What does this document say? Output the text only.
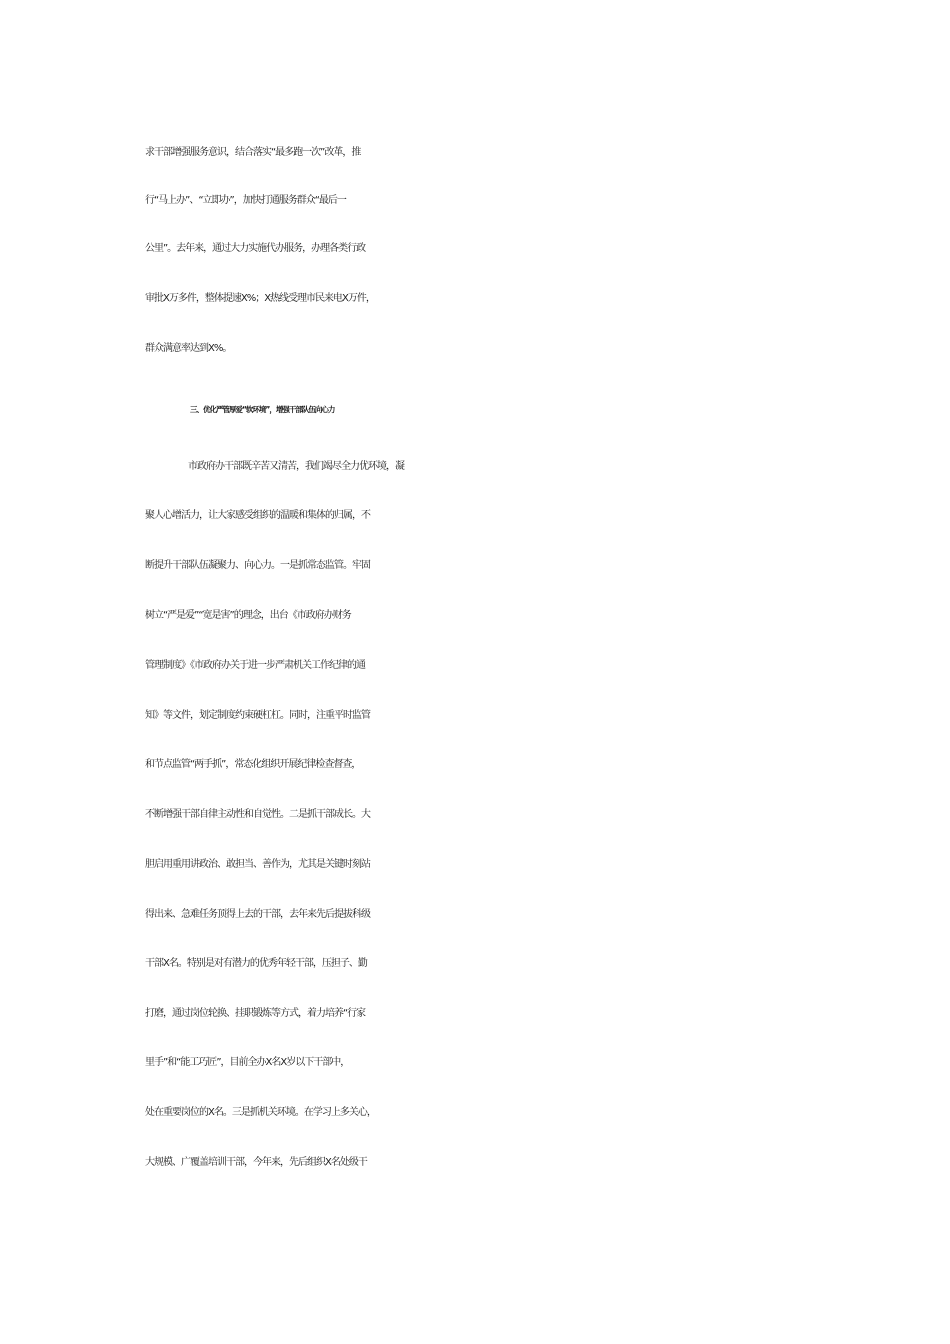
求干部增强服务意识，结合落实“最多跑一次”改革，推
行“马上办”、“立即办”，加快打通服务群众“最后一
公里”。去年来，通过大力实施代办服务，办理各类行政
审批X万多件，整体提速X%；X热线受理市民来电X万件，
群众满意率达到X%。
三、优化严管厚爱“软环境”，增强干部队伍向心力
市政府办干部既辛苦又清苦，我们竭尽全力优环境，凝
聚人心增活力，让大家感受组织的温暖和集体的归属，不
断提升干部队伍凝聚力、向心力。一是抓常态监管。牢固
树立“严是爱”“宽是害”的理念，出台《市政府办财务
管理制度》《市政府办关于进一步严肃机关工作纪律的通
知》等文件，划定制度约束硬杠杠。同时，注重平时监管
和节点监管“两手抓”，常态化组织开展纪律检查督查，
不断增强干部自律主动性和自觉性。二是抓干部成长。大
胆启用重用讲政治、敢担当、善作为，尤其是关键时刻站
得出来、急难任务顶得上去的干部，去年来先后提拔科级
干部X名。特别是对有潜力的优秀年轻干部，压担子、勤
打磨，通过岗位轮换、挂职锻炼等方式，着力培养“行家
里手”和“能工巧匠”，目前全办X名X岁以下干部中，
处在重要岗位的X名。三是抓机关环境。在学习上多关心，
大规模、广覆盖培训干部，今年来，先后组织X名处级干
